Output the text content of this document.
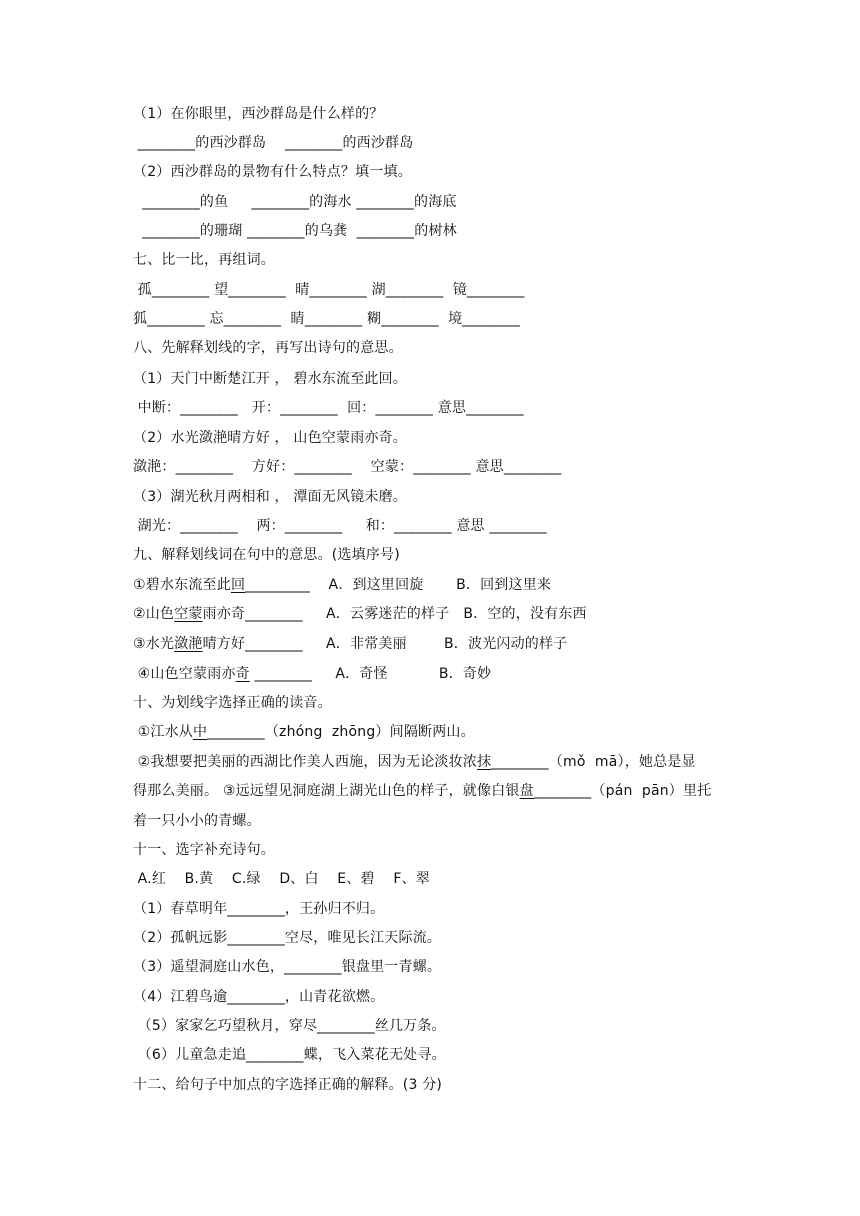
（1）在你眼里，西沙群岛是什么样的？
________的西沙群岛    ________的西沙群岛
（2）西沙群岛的景物有什么特点？填一填。
________的鱼     ________的海水 ________的海底
________的珊瑚 ________的乌龚  ________的树林
七、比一比，再组词。
孤________ 望________  晴________ 湖________  镜________
狐________ 忘________  睛________ 糊________  境________
八、先解释划线的字，再写出诗句的意思。
（1）天门中断楚江开 ， 碧水东流至此回。
中断：________   开：________  回：________ 意思________
（2）水光潋滟晴方好 ， 山色空蒙雨亦奇。
潋滟：________    方好：________    空蒙：________ 意思________
（3）湖光秋月两相和 ， 潭面无风镜未磨。
湖光：________    两：________     和：________ 意思 ________
九、解释划线词在句中的意思。(选填序号)
①碧水东流至此回_________    A．到这里回旋       B．回到这里来
②山色空蒙雨亦奇________     A．云雾迷茫的样子   B．空的，没有东西
③水光潋滟晴方好________     A．非常美丽        B．波光闪动的样子
④山色空蒙雨亦奇 ________     A．奇怪           B．奇妙
十、为划线字选择正确的读音。
①江水从中________（zhóng  zhōng）间隔断两山。
②我想要把美丽的西湖比作美人西施，因为无论淡妆浓抹________（mǒ  mā），她总是显
得那么美丽。 ③远远望见洞庭湖上湖光山色的样子，就像白银盘________（pán  pān）里托
着一只小小的青螺。
十一、选字补充诗句。
A.红    B.黄    C.绿    D、白    E、碧    F、翠
（1）春草明年________，王孙归不归。
（2）孤帆远影________空尽，唯见长江天际流。
（3）遥望洞庭山水色，________银盘里一青螺。
（4）江碧鸟逾________，山青花欲燃。
（5）家家乞巧望秋月，穿尽________丝几万条。
（6）儿童急走追________蝶，飞入菜花无处寻。
十二、给句子中加点的字选择正确的解释。(3 分)
